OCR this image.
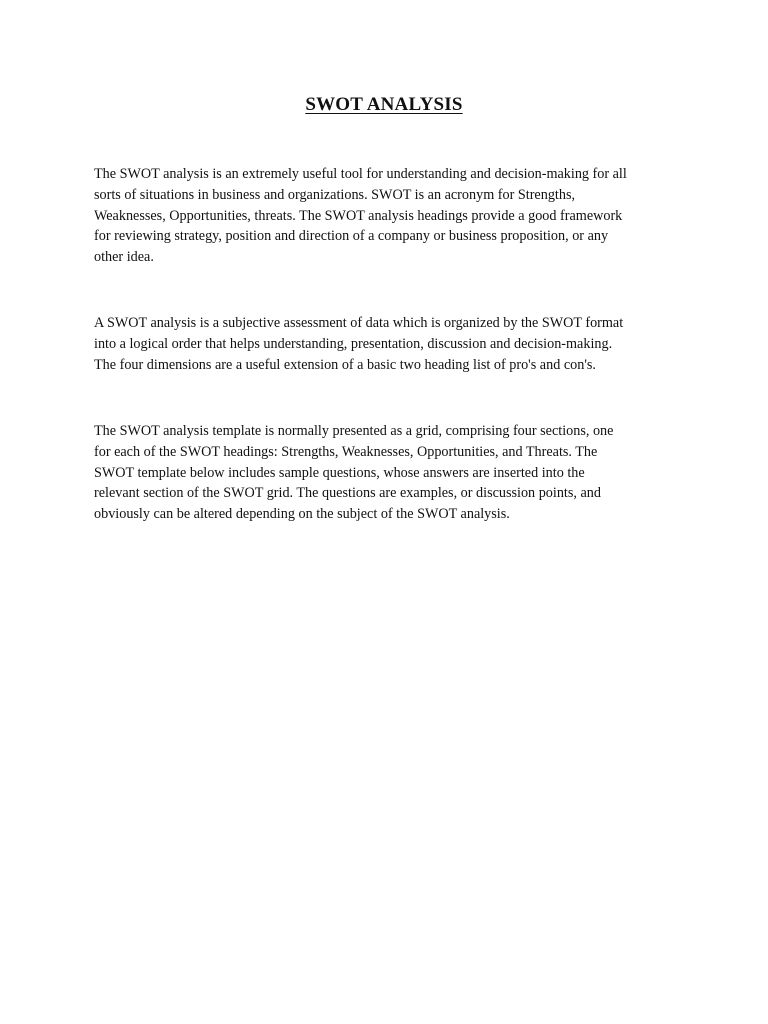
SWOT ANALYSIS

The SWOT analysis is an extremely useful tool for understanding and decision-making for all
sorts of situations in business and organizations. SWOT is an acronym for Strengths,
Weaknesses, Opportunities, threats. The SWOT analysis headings provide a good framework
for reviewing strategy, position and direction of a company or business proposition, or any
other idea.

A SWOT analysis is a subjective assessment of data which is organized by the SWOT format
into a logical order that helps understanding, presentation, discussion and decision-making.
The four dimensions are a useful extension of a basic two heading list of pro's and con's.

The SWOT analysis template is normally presented as a grid, comprising four sections, one
for each of the SWOT headings: Strengths, Weaknesses, Opportunities, and Threats. The
SWOT template below includes sample questions, whose answers are inserted into the
relevant section of the SWOT grid. The questions are examples, or discussion points, and
obviously can be altered depending on the subject of the SWOT analysis.
